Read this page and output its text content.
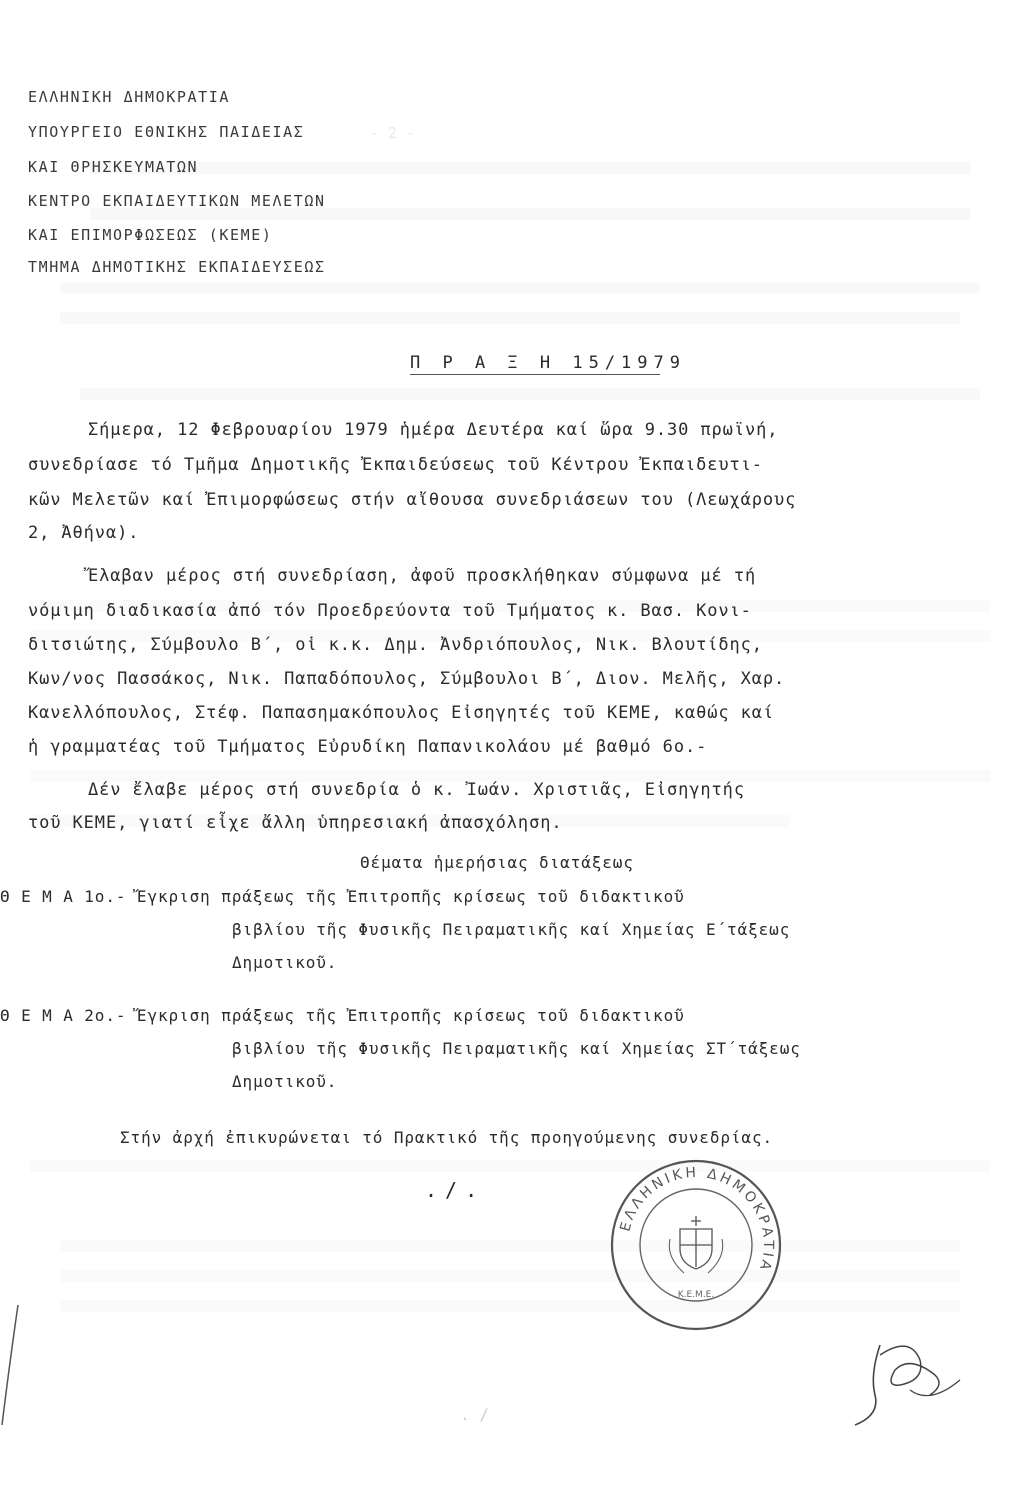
- 2 -
ΕΛΛΗΝΙΚΗ ΔΗΜΟΚΡΑΤΙΑ
ΥΠΟΥΡΓΕΙΟ ΕΘΝΙΚΗΣ ΠΑΙΔΕΙΑΣ
ΚΑΙ ΘΡΗΣΚΕΥΜΑΤΩΝ
ΚΕΝΤΡΟ ΕΚΠΑΙΔΕΥΤΙΚΩΝ ΜΕΛΕΤΩΝ
ΚΑΙ ΕΠΙΜΟΡΦΩΣΕΩΣ (ΚΕΜΕ)
ΤΜΗΜΑ ΔΗΜΟΤΙΚΗΣ ΕΚΠΑΙΔΕΥΣΕΩΣ
Π Ρ Α Ξ Η 15/1979
Σήμερα, 12 Φεβρουαρίου 1979 ἡμέρα Δευτέρα καί ὥρα 9.30 πρωϊνή,
συνεδρίασε τό Τμῆμα Δημοτικῆς Ἐκπαιδεύσεως τοῦ Κέντρου Ἐκπαιδευτι-
κῶν Μελετῶν καί Ἐπιμορφώσεως στήν αἴθουσα συνεδριάσεων του (Λεωχάρους
2, Ἀθήνα).
Ἔλαβαν μέρος στή συνεδρίαση, ἀφοῦ προσκλήθηκαν σύμφωνα μέ τή
νόμιμη διαδικασία ἀπό τόν Προεδρεύοντα τοῦ Τμήματος κ. Βασ. Κονι-
διτσιώτης, Σύμβουλο Β΄, οἱ κ.κ. Δημ. Ἀνδριόπουλος, Νικ. Βλουτίδης,
Κων/νος Πασσάκος, Νικ. Παπαδόπουλος, Σύμβουλοι Β΄, Διον. Μελῆς, Χαρ.
Κανελλόπουλος, Στέφ. Παπασημακόπουλος Εἰσηγητές τοῦ ΚΕΜΕ, καθώς καί
ἡ γραμματέας τοῦ Τμήματος Εὐρυδίκη Παπανικολάου μέ βαθμό 6ο.-
Δέν ἔλαβε μέρος στή συνεδρία ὁ κ. Ἰωάν. Χριστιᾶς, Εἰσηγητής
τοῦ ΚΕΜΕ, γιατί εἶχε ἄλλη ὑπηρεσιακή ἀπασχόληση.
Θέματα ἡμερήσιας διατάξεως
Θ Ε Μ Α 1ο.- Ἔγκριση πράξεως τῆς Ἐπιτροπῆς κρίσεως τοῦ διδακτικοῦ
βιβλίου τῆς Φυσικῆς Πειραματικῆς καί Χημείας Ε΄τάξεως
Δημοτικοῦ.
Θ Ε Μ Α 2ο.- Ἔγκριση πράξεως τῆς Ἐπιτροπῆς κρίσεως τοῦ διδακτικοῦ
βιβλίου τῆς Φυσικῆς Πειραματικῆς καί Χημείας ΣΤ΄τάξεως
Δημοτικοῦ.
Στήν ἀρχή ἐπικυρώνεται τό Πρακτικό τῆς προηγούμενης συνεδρίας.
./.
ΕΛΛΗΝΙΚΗ ΔΗΜΟΚΡΑΤΙΑ
Κ.Ε.Μ.Ε.
. /
